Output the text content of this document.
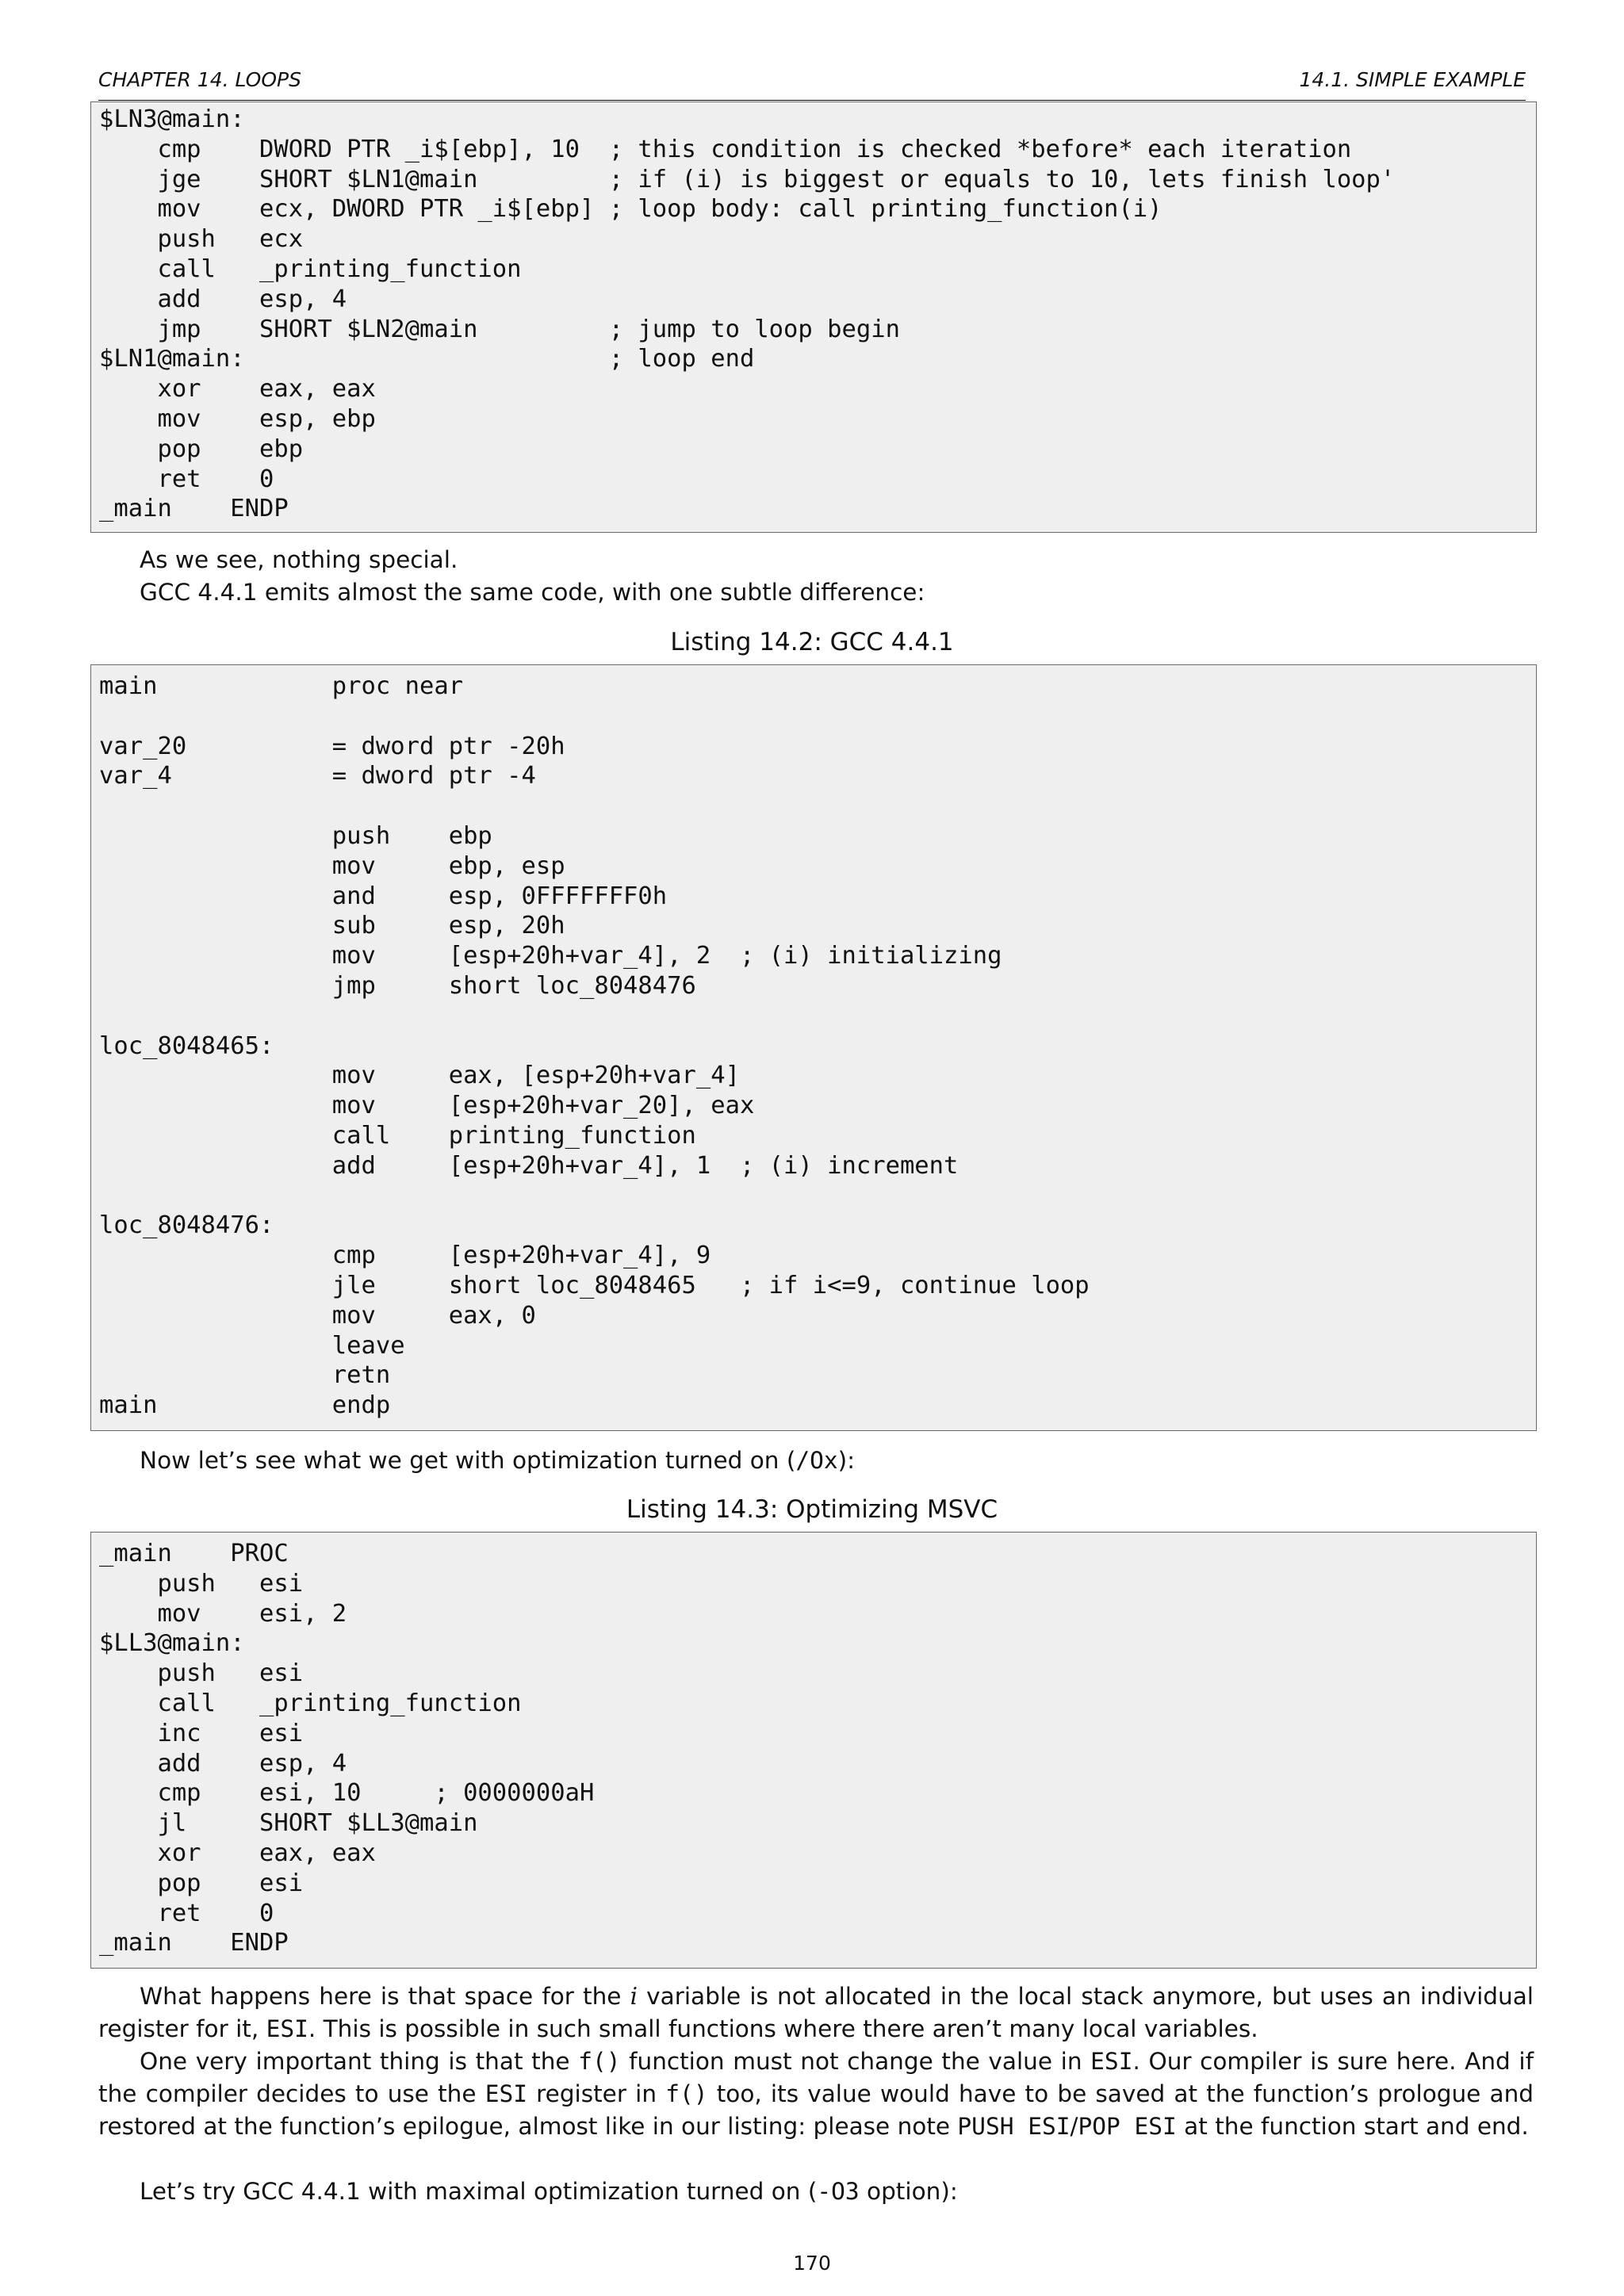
CHAPTER 14. LOOPS	14.1. SIMPLE EXAMPLE
$LN3@main:
cmp    DWORD PTR _i$[ebp], 10  ; this condition is checked *before* each iteration
jge    SHORT $LN1@main         ; if (i) is biggest or equals to 10, lets finish loop'
mov    ecx, DWORD PTR _i$[ebp] ; loop body: call printing_function(i)
push   ecx
call   _printing_function
add    esp, 4
jmp    SHORT $LN2@main         ; jump to loop begin
$LN1@main:                         ; loop end
xor    eax, eax
mov    esp, ebp
pop    ebp
ret    0
_main    ENDP

As we see, nothing special.

GCC 4.4.1 emits almost the same code, with one subtle difference:

Listing 14.2: GCC 4.4.1
main            proc near

var_20          = dword ptr -20h
var_4           = dword ptr -4

push    ebp
mov     ebp, esp
and     esp, 0FFFFFFF0h
sub     esp, 20h
mov     [esp+20h+var_4], 2  ; (i) initializing
jmp     short loc_8048476

loc_8048465:
mov     eax, [esp+20h+var_4]
mov     [esp+20h+var_20], eax
call    printing_function
add     [esp+20h+var_4], 1  ; (i) increment

loc_8048476:
cmp     [esp+20h+var_4], 9
jle     short loc_8048465   ; if i<=9, continue loop
mov     eax, 0
leave
retn
main            endp

Now let’s see what we get with optimization turned on (/Ox):

Listing 14.3: Optimizing MSVC
_main    PROC
push   esi
mov    esi, 2
$LL3@main:
push   esi
call   _printing_function
inc    esi
add    esp, 4
cmp    esi, 10     ; 0000000aH
jl     SHORT $LL3@main
xor    eax, eax
pop    esi
ret    0
_main    ENDP

What happens here is that space for the i variable is not allocated in the local stack anymore, but uses an individual register for it, ESI. This is possible in such small functions where there aren’t many local variables.

One very important thing is that the f() function must not change the value in ESI. Our compiler is sure here. And if the compiler decides to use the ESI register in f() too, its value would have to be saved at the function’s prologue and restored at the function’s epilogue, almost like in our listing: please note PUSH ESI/POP ESI at the function start and end.

Let’s try GCC 4.4.1 with maximal optimization turned on (-O3 option):

170
